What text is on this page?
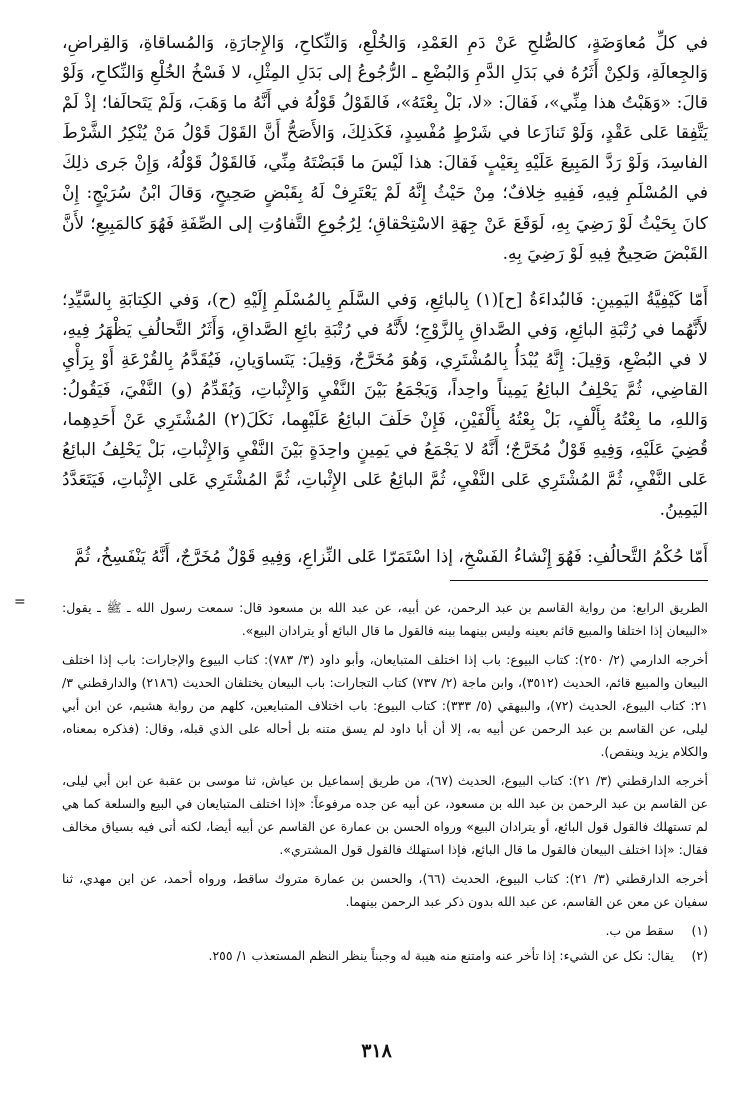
في كلِّ مُعاوَضَةٍ، كالصُّلحِ عَنْ دَمِ العَمْدِ، وَالخُلْعِ، وَالنِّكاحِ، وَالإِجارَةِ، وَالمُساقاةِ، وَالقِراضِ، وَالجِعالَةِ، وَلكِنْ أَثَرُهُ في بَدَلِ الدَّمِ وَالبُضْعِ ـ الرُّجُوعُ إلى بَدَلِ المِثْلِ، لا فَسْخُ الخُلْعِ وَالنِّكاحِ، وَلَوْ قالَ: «وَهَبْتُ هذا مِنِّي»، فَقالَ: «لا، بَلْ بِعْتَهُ»، فَالقَوْلُ قَوْلُهُ في أَنَّهُ ما وَهَبَ، وَلَمْ يَتَحالَفا؛ إذْ لَمْ يَتَّفِقا عَلى عَقْدٍ، وَلَوْ تَنازَعا في شَرْطٍ مُفْسِدٍ، فَكَذلِكَ، وَالأَصَحُّ أَنَّ القَوْلَ قَوْلُ مَنْ يُنْكِرُ الشَّرْطَ الفاسِدَ، وَلَوْ رَدَّ المَبِيعَ عَلَيْهِ بِعَيْبٍ فَقالَ: هذا لَيْسَ ما قَبَضْتَهُ مِنِّي، فَالقَوْلُ قَوْلُهُ، وَإِنْ جَرى ذلِكَ في المُسْلَمِ فِيهِ، فَفِيهِ خِلافٌ؛ مِنْ حَيْثُ إِنَّهُ لَمْ يَعْتَرِفْ لَهُ بِقَبْضٍ صَحِيحٍ، وَقالَ ابْنُ سُرَيْجٍ: إِنْ كانَ بِحَيْثُ لَوْ رَضِيَ بِهِ، لَوَقَعَ عَنْ جِهَةِ الاسْتِحْقاقِ؛ لِرُجُوعِ التَّفاوُتِ إلى الصِّفَةِ فَهُوَ كالمَبِيعِ؛ لأَنَّ القَبْضَ صَحِيحٌ فِيهِ لَوْ رَضِيَ بِهِ.

أَمّا كَيْفِيَّةُ اليَمِينِ: فَالبُداءَةُ [ح](١) بِالبائِعِ، وَفي السَّلَمِ بِالمُسْلَمِ إِلَيْهِ (ح)، وَفي الكِتابَةِ بِالسَّيِّدِ؛ لأَنَّهُما في رُتْبَةِ البائِعِ، وَفي الصَّداقِ بِالزَّوْجِ؛ لأَنَّهُ في رُتْبَةِ بائِعِ الصَّداقِ، وَأَثَرُ التَّحالُفِ يَظْهَرُ فِيهِ، لا في البُضْعِ، وَقِيلَ: إِنَّهُ يُبْدَأُ بِالمُشْتَرِي، وَهُوَ مُخَرَّجٌ، وَقِيلَ: يَتَساوَيانِ، فَيُقَدَّمُ بِالقُرْعَةِ أَوْ بِرَأْيِ القاضِي، ثُمَّ يَحْلِفُ البائِعُ يَمِيناً واحِداً، وَيَجْمَعُ بَيْنَ النَّفْيِ وَالإِثْباتِ، وَيُقَدِّمُ (و) النَّفْيَ، فَيَقُولُ: وَاللهِ، ما بِعْتُهُ بِأَلْفٍ، بَلْ بِعْتُهُ بِأَلْفَيْنِ، فَإِنْ حَلَفَ البائِعُ عَلَيْهِما، نَكَلَ(٢) المُشْتَرِي عَنْ أَحَدِهِما، قُضِيَ عَلَيْهِ، وَفِيهِ قَوْلٌ مُخَرَّجٌ؛ أَنَّهُ لا يَجْمَعُ في يَمِينٍ واحِدَةٍ بَيْنَ النَّفْيِ وَالإِثْباتِ، بَلْ يَحْلِفُ البائِعُ عَلى النَّفْيِ، ثُمَّ المُشْتَرِي عَلى النَّفْيِ، ثُمَّ البائِعُ عَلى الإِثْباتِ، ثُمَّ المُشْتَرِي عَلى الإِثْباتِ، فَيَتَعَدَّدُ اليَمِينُ.

أَمّا حُكْمُ التَّحالُفِ: فَهُوَ إِنْشاءُ الفَسْخِ، إذا اسْتَمَرّا عَلى النِّزاعِ، وَفِيهِ قَوْلٌ مُخَرَّجٌ، أَنَّهُ يَنْفَسِخُ، ثُمَّ

=	الطريق الرابع: من رواية القاسم بن عبد الرحمن، عن أبيه، عن عبد الله بن مسعود قال: سمعت رسول الله ـ ﷺ ـ يقول: «البيعان إذا اختلفا والمبيع قائم بعينه وليس بينهما بينه فالقول ما قال البائع أو يترادان البيع».

أخرجه الدارمي (٢/ ٢٥٠): كتاب البيوع: باب إذا اختلف المتبايعان، وأبو داود (٣/ ٧٨٣): كتاب البيوع والإجارات: باب إذا اختلف البيعان والمبيع قائم، الحديث (٣٥١٢)، وابن ماجة (٢/ ٧٣٧) كتاب التجارات: باب البيعان يختلفان الحديث (٢١٨٦) والدارقطني ٣/ ٢١: كتاب البيوع، الحديث (٧٢)، والبيهقي (٥/ ٣٣٣): كتاب البيوع: باب اختلاف المتبايعين، كلهم من رواية هشيم، عن ابن أبي ليلى، عن القاسم بن عبد الرحمن عن أبيه به، إلا أن أبا داود لم يسق متنه بل أحاله على الذي قبله، وقال: (فذكره بمعناه، والكلام يزيد وينقص).

أخرجه الدارقطني (٣/ ٢١): كتاب البيوع، الحديث (٦٧)، من طريق إسماعيل بن عياش، ثنا موسى بن عقبة عن ابن أبي ليلى، عن القاسم بن عبد الرحمن بن عبد الله بن مسعود، عن أبيه عن جده مرفوعاً: «إذا اختلف المتبايعان في البيع والسلعة كما هي لم تستهلك فالقول قول البائع، أو يترادان البيع» ورواه الحسن بن عمارة عن القاسم عن أبيه أيضا، لكنه أتى فيه بسياق مخالف فقال: «إذا اختلف البيعان فالقول ما قال البائع، فإذا استهلك فالقول قول المشتري».

أخرجه الدارقطني (٣/ ٢١): كتاب البيوع، الحديث (٦٦)، والحسن بن عمارة متروك ساقط، ورواه أحمد، عن ابن مهدي، ثنا سفيان عن معن عن القاسم، عن عبد الله بدون ذكر عبد الرحمن بينهما.

(١)
سقط من ب.
(٢)
يقال: نكل عن الشيء: إذا تأخر عنه وامتنع منه هيبة له وجبناً ينظر النظم المستعذب ١/ ٢٥٥.
٣١٨
